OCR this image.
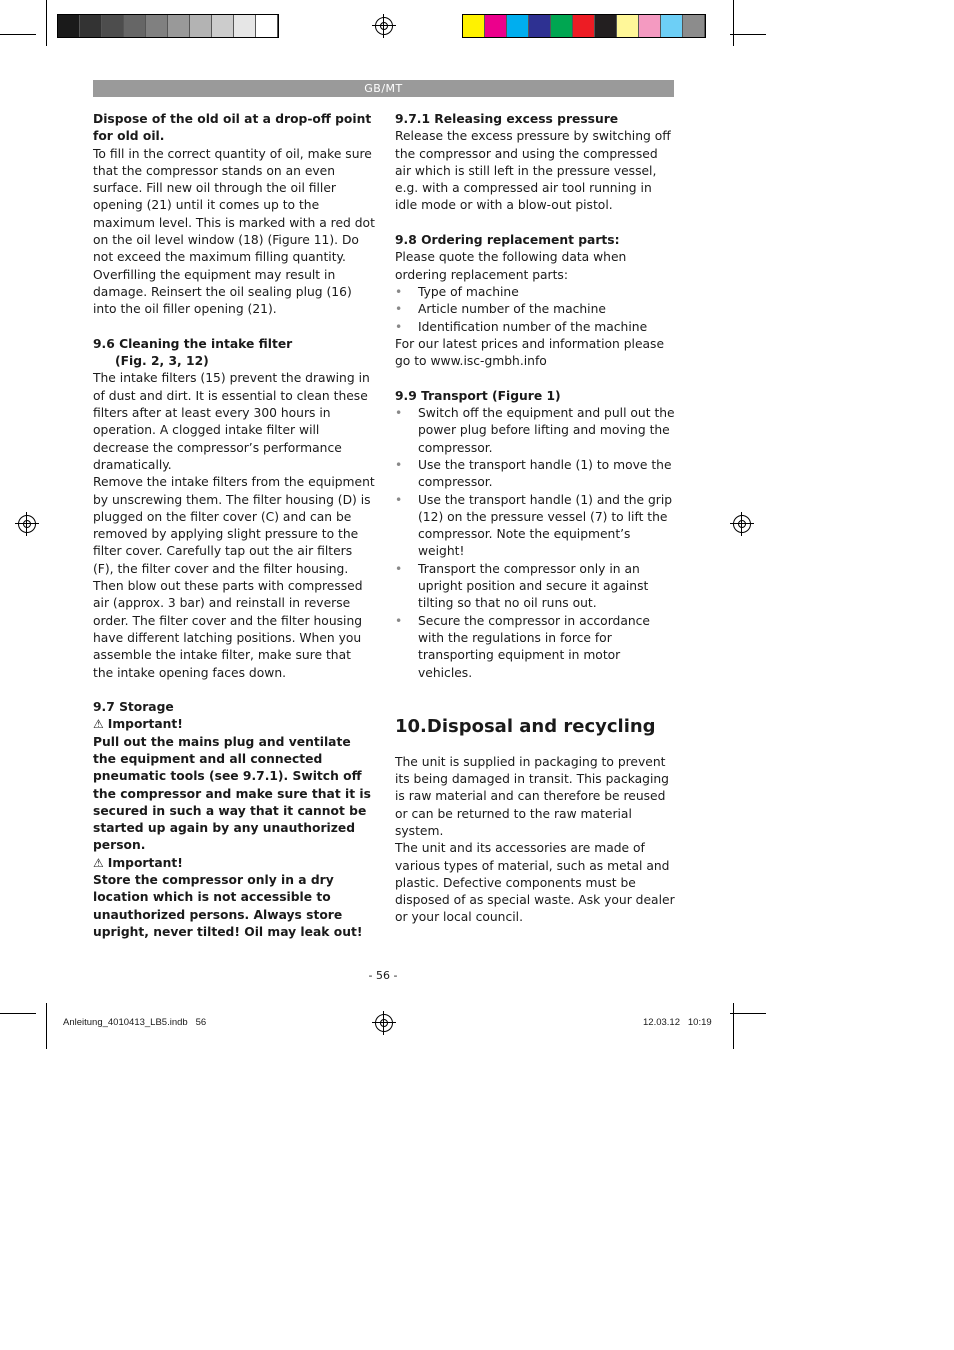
GB/MT

Dispose of the old oil at a drop-off point for old oil.

To fill in the correct quantity of oil, make sure that the compressor stands on an even surface. Fill new oil through the oil filler opening (21) until it comes up to the maximum level. This is marked with a red dot on the oil level window (18) (Figure 11). Do not exceed the maximum filling quantity. Overfilling the equipment may result in damage. Reinsert the oil sealing plug (16) into the oil filler opening (21).

9.6 Cleaning the intake filter

(Fig. 2, 3, 12)

The intake filters (15) prevent the drawing in of dust and dirt. It is essential to clean these filters after at least every 300 hours in operation. A clogged intake filter will decrease the compressor’s performance dramatically.

Remove the intake filters from the equipment by unscrewing them. The filter housing (D) is plugged on the filter cover (C) and can be removed by applying slight pressure to the filter cover. Carefully tap out the air filters (F), the filter cover and the filter housing. Then blow out these parts with compressed air (approx. 3 bar) and reinstall in reverse order. The filter cover and the filter housing have different latching positions. When you assemble the intake filter, make sure that the intake opening faces down.

9.7 Storage

⚠ Important!

Pull out the mains plug and ventilate the equipment and all connected pneumatic tools (see 9.7.1). Switch off the compressor and make sure that it is secured in such a way that it cannot be started up again by any unauthorized person.

⚠ Important!

Store the compressor only in a dry location which is not accessible to unauthorized persons. Always store upright, never tilted! Oil may leak out!

9.7.1 Releasing excess pressure

Release the excess pressure by switching off the compressor and using the compressed air which is still left in the pressure vessel, e.g. with a compressed air tool running in idle mode or with a blow-out pistol.

9.8 Ordering replacement parts:

Please quote the following data when ordering replacement parts:

• Type of machine
• Article number of the machine
• Identification number of the machine

For our latest prices and information please go to www.isc-gmbh.info

9.9 Transport (Figure 1)

• Switch off the equipment and pull out the power plug before lifting and moving the compressor.
• Use the transport handle (1) to move the compressor.
• Use the transport handle (1) and the grip (12) on the pressure vessel (7) to lift the compressor. Note the equipment’s weight!
• Transport the compressor only in an upright position and secure it against tilting so that no oil runs out.
• Secure the compressor in accordance with the regulations in force for transporting equipment in motor vehicles.

10.Disposal and recycling

The unit is supplied in packaging to prevent its being damaged in transit. This packaging is raw material and can therefore be reused or can be returned to the raw material system.

The unit and its accessories are made of various types of material, such as metal and plastic. Defective components must be disposed of as special waste. Ask your dealer or your local council.

- 56 -
Anleitung_4010413_LB5.indb   56	12.03.12   10:19
